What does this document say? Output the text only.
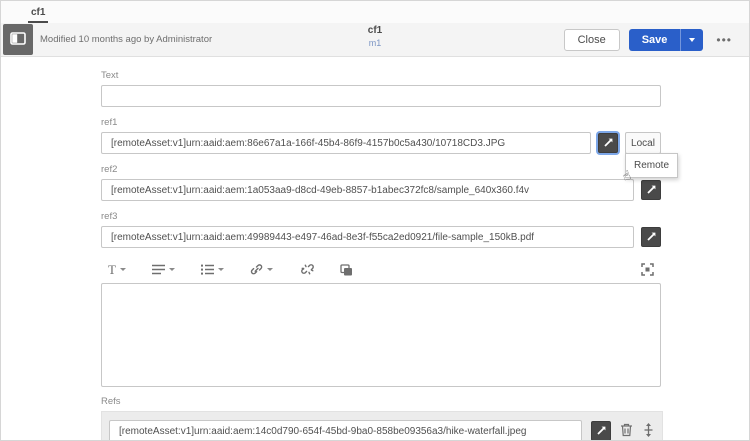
cf1
Modified 10 months ago by Administrator
cf1
m1	Close	Save	•••
Text
ref1
[remoteAsset:v1]urn:aaid:aem:86e67a1a-166f-45b4-86f9-4157b0c5a430/10718CD3.JPG
Local
Remote
☝
ref2
[remoteAsset:v1]urn:aaid:aem:1a053aa9-d8cd-49eb-8857-b1abec372fc8/sample_640x360.f4v
ref3
[remoteAsset:v1]urn:aaid:aem:49989443-e497-46ad-8e3f-f55ca2ed0921/file-sample_150kB.pdf
T
Refs
[remoteAsset:v1]urn:aaid:aem:14c0d790-654f-45bd-9ba0-858be09356a3/hike-waterfall.jpeg
